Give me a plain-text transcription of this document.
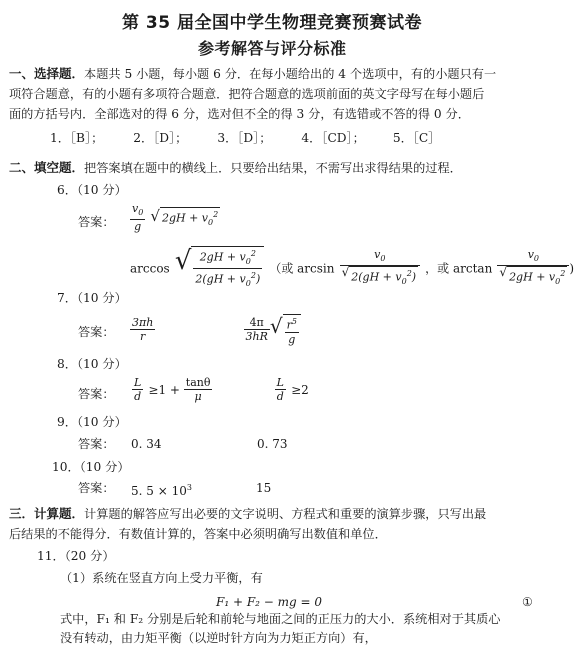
第 35 届全国中学生物理竞赛预赛试卷
参考解答与评分标准
一、选择题．本题共 5 小题，每小题 6 分．在每小题给出的 4 个选项中，有的小题只有一
项符合题意，有的小题有多项符合题意．把符合题意的选项前面的英文字母写在每小题后
面的方括号内．全部选对的得 6 分，选对但不全的得 3 分，有选错或不答的得 0 分．
1．［B］； 2．［D］； 3．［D］； 4．［CD］； 5．［C］
二、填空题．把答案填在题中的横线上．只要给出结果，不需写出求得结果的过程．
6．（10 分）
答案： $\frac{v_0}{g}$ √ $2gH + v_0^2$
arccos √ $\frac{2gH + v_0^2}{2(gH + v_0^2)}$ （或 $\arcsin \frac{v_0}{√ 2(gH + v_0^2)}$ ，或 $\arctan \frac{v_0}{√ 2gH + v_0^2}$ )
7．（10 分）
答案： $\frac{3\pi h}{r}$
	$\frac{4\pi}{3hR}$ √ $\frac{r^5}{g}$
8．（10 分）
答案： $\frac{L}{d} \ge 1 + \frac{\tan\theta}{\mu}$
	$\frac{L}{d} \ge 2$
9．（10 分）
答案： 0. 34	0. 73
10．（10 分）
答案： 5. $5 \times 10^3$	15
三．计算题．计算题的解答应写出必要的文字说明、方程式和重要的演算步骤，只写出最
后结果的不能得分．有数值计算的，答案中必须明确写出数值和单位．
11．（20 分）
（1）系统在竖直方向上受力平衡，有
F₁ + F₂ − mg = 0	①
式中，F₁ 和 F₂ 分别是后轮和前轮与地面之间的正压力的大小．系统相对于其质心
没有转动，由力矩平衡（以逆时针方向为力矩正方向）有，
